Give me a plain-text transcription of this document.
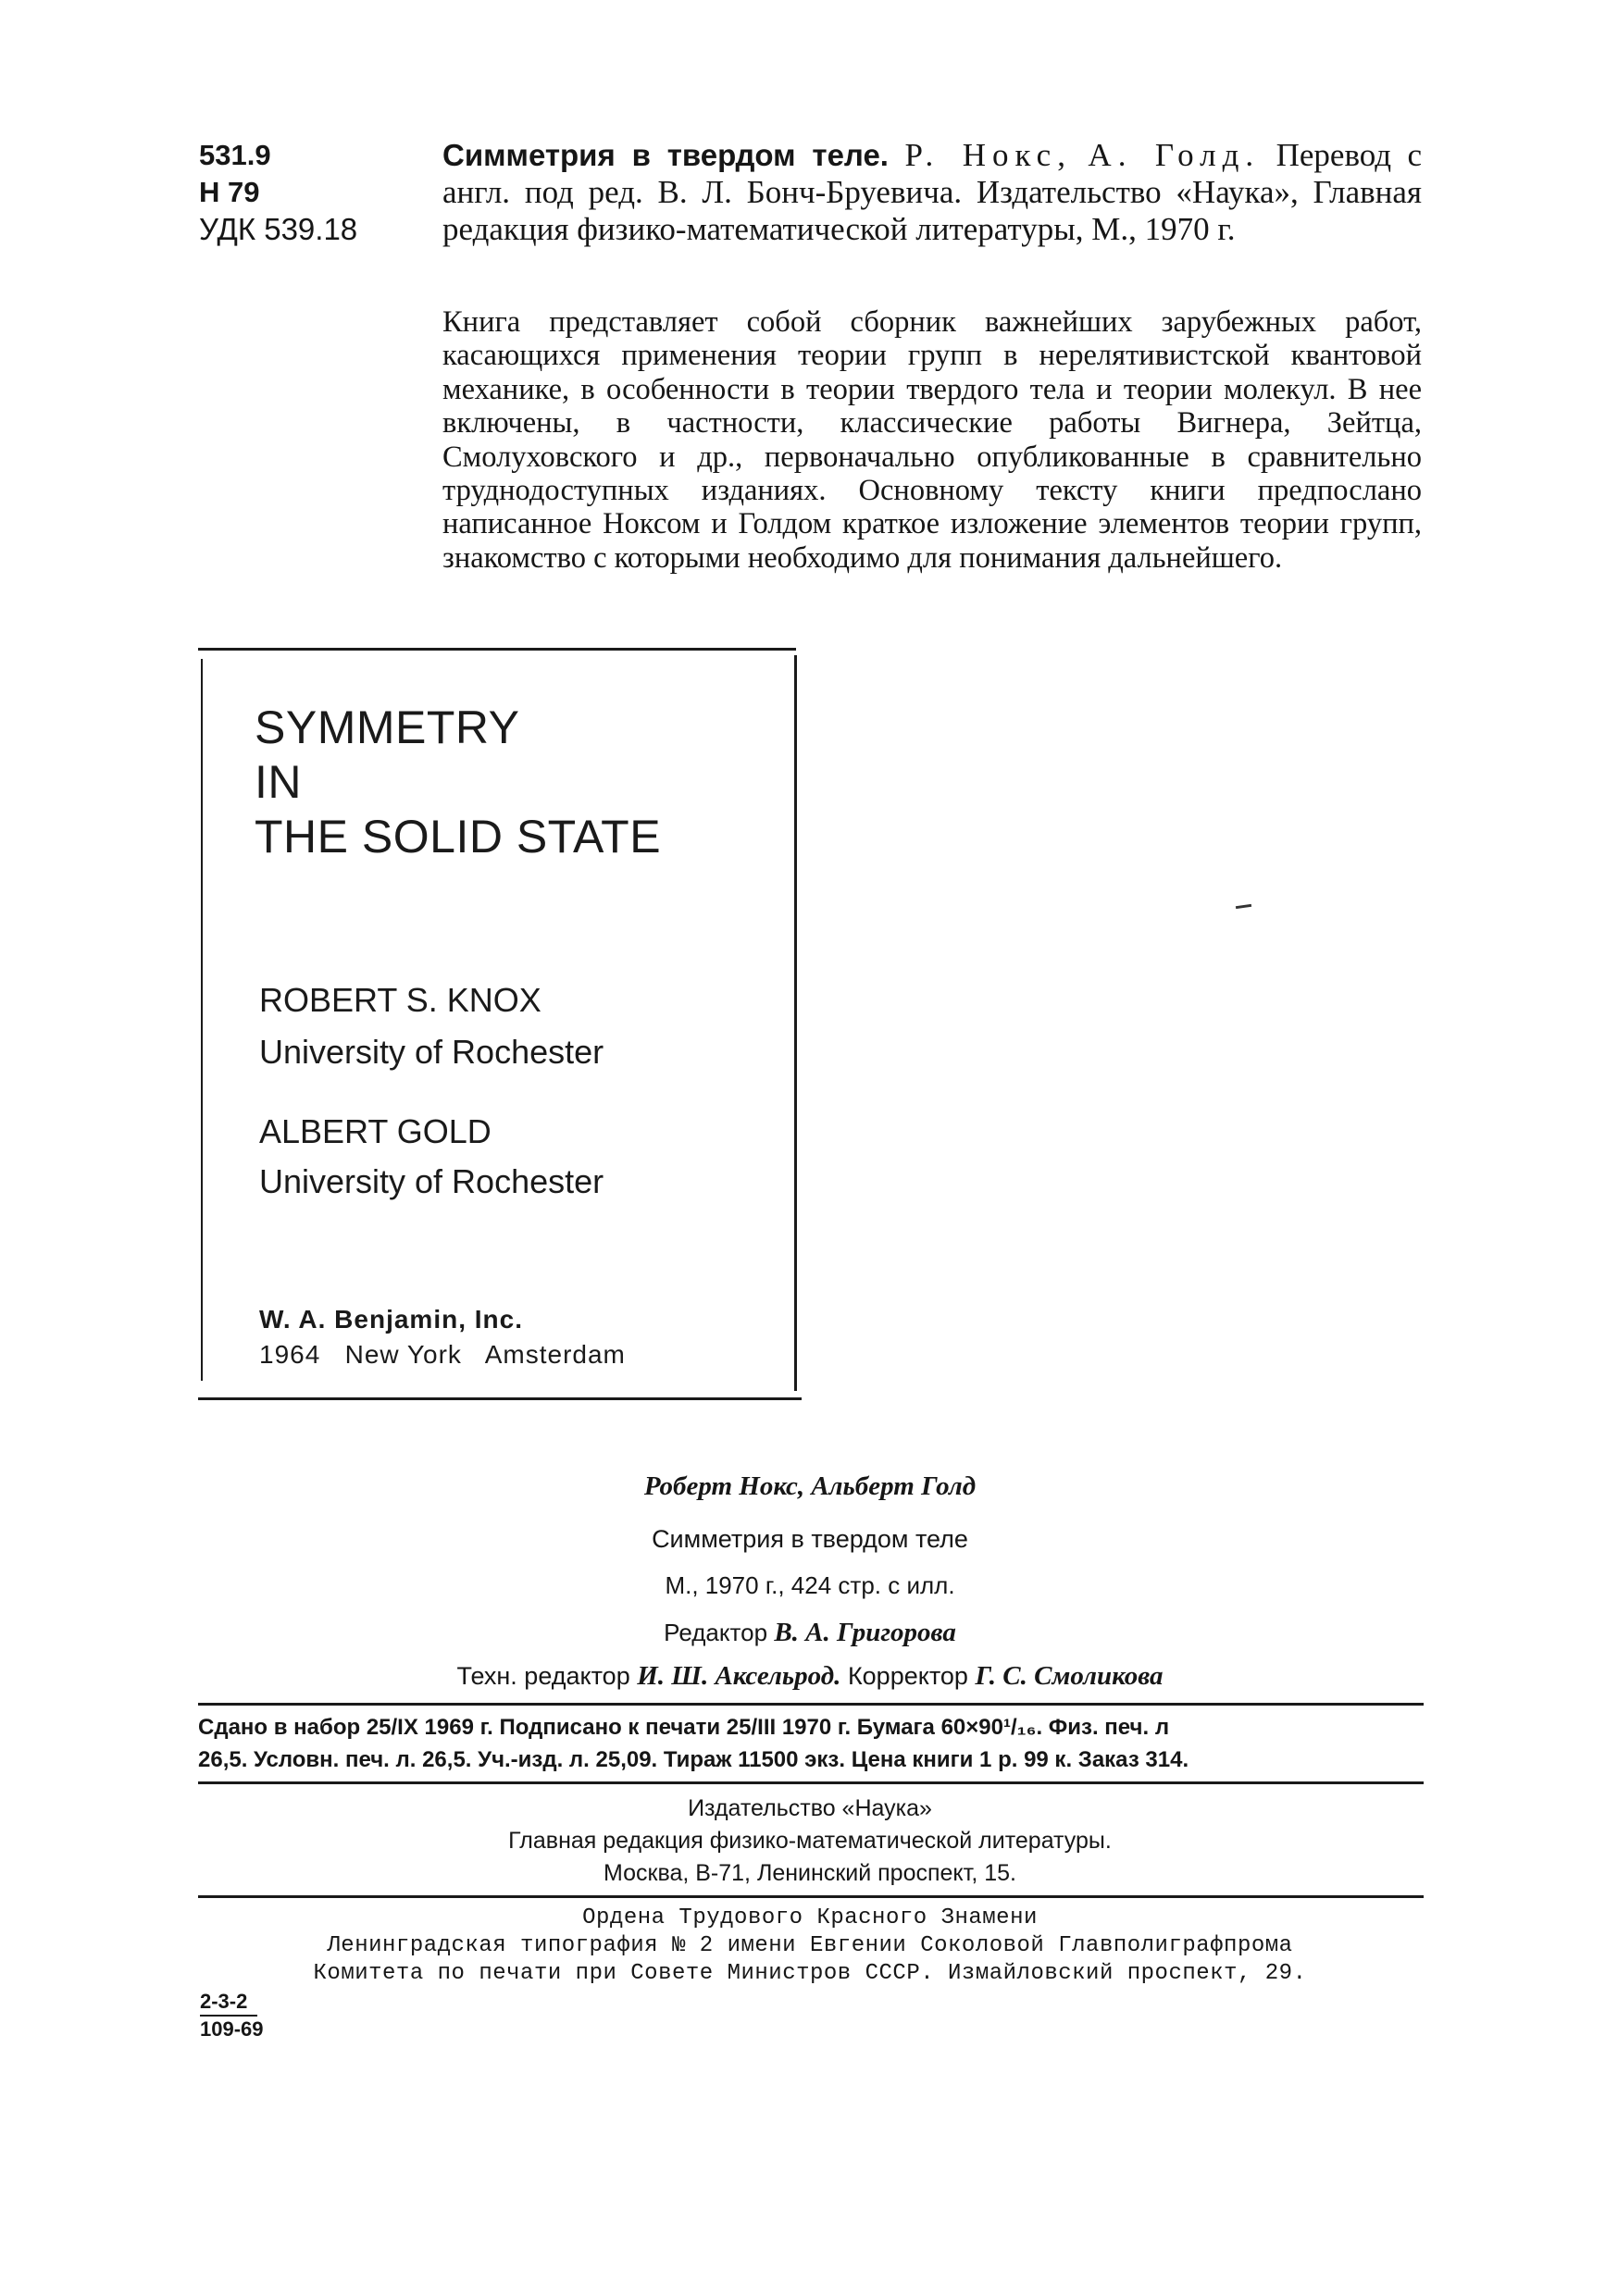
531.9
Н 79
УДК 539.18
Симметрия в твердом теле. Р. Нокс, А. Голд. Перевод с англ. под ред. В. Л. Бонч-Бруевича. Издательство «Наука», Главная редакция физико-математической литературы, М., 1970 г.
Книга представляет собой сборник важнейших зарубежных работ, касающихся применения теории групп в нерелятивистской квантовой механике, в особенности в теории твердого тела и теории молекул. В нее включены, в частности, классические работы Вигнера, Зейтца, Смолуховского и др., первоначально опубликованные в сравнительно труднодоступных изданиях. Основному тексту книги предпослано написанное Ноксом и Голдом краткое изложение элементов теории групп, знакомство с которыми необходимо для понимания дальнейшего.
SYMMETRY
IN
THE SOLID STATE
ROBERT S. KNOX
University of Rochester
ALBERT GOLD
University of Rochester
W. A. Benjamin, Inc.
1964 New York   Amsterdam
Роберт Нокс, Альберт Голд
Симметрия в твердом теле
М., 1970 г., 424 стр. с илл.
Редактор В. А. Григорова
Техн. редактор И. Ш. Аксельрод. Корректор Г. С. Смоликова
Сдано в набор 25/IX 1969 г. Подписано к печати 25/III 1970 г. Бумага 60×90¹/₁₆. Физ. печ. л
26,5. Условн. печ. л. 26,5. Уч.-изд. л. 25,09. Тираж 11500 экз. Цена книги 1 р. 99 к. Заказ 314.
Издательство «Наука»
Главная редакция физико-математической литературы.
Москва, В-71, Ленинский проспект, 15.
Ордена Трудового Красного Знамени
Ленинградская типография № 2 имени Евгении Соколовой Главполиграфпрома
Комитета по печати при Совете Министров СССР. Измайловский проспект, 29.
2-3-2
109-69
